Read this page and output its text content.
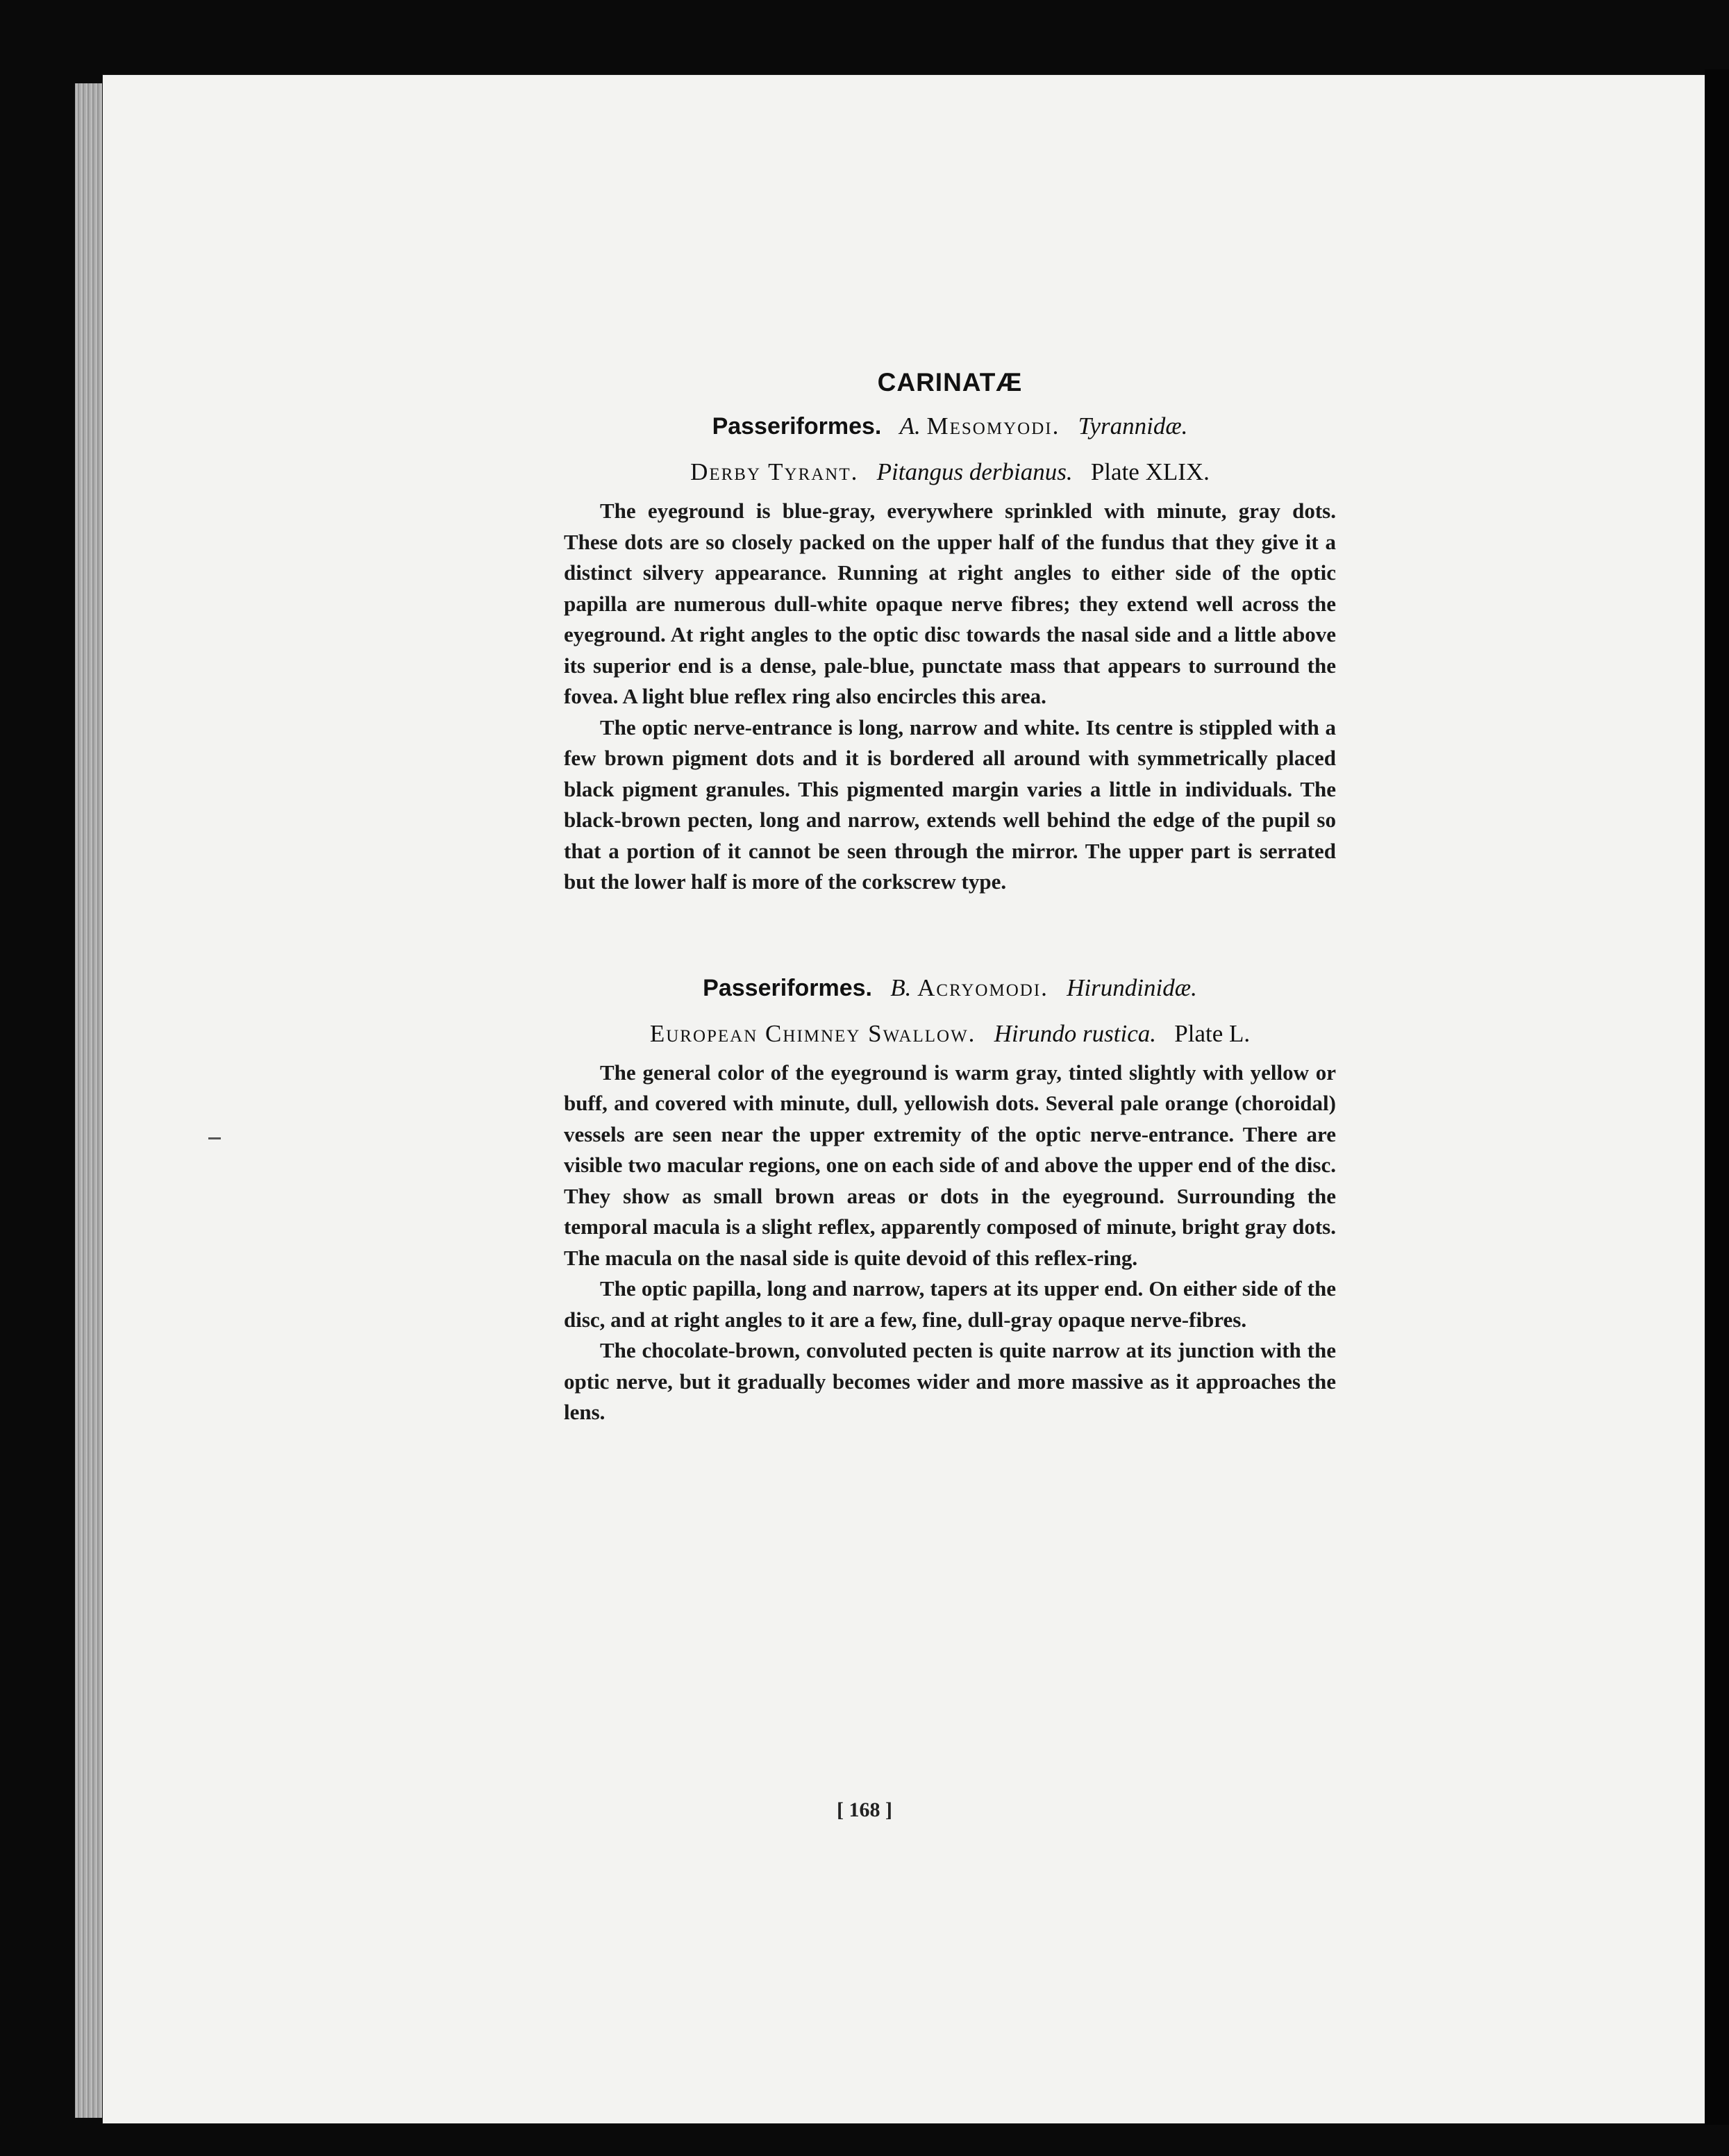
CARINATÆ
Passeriformes. A. Mesomyodi. Tyrannidæ.
Derby Tyrant. Pitangus derbianus. Plate XLIX.

The eyeground is blue-gray, everywhere sprinkled with minute, gray dots. These dots are so closely packed on the upper half of the fundus that they give it a distinct silvery appearance. Running at right angles to either side of the optic papilla are numerous dull-white opaque nerve fibres; they extend well across the eyeground. At right angles to the optic disc towards the nasal side and a little above its superior end is a dense, pale-blue, punctate mass that appears to surround the fovea. A light blue reflex ring also encircles this area.

The optic nerve-entrance is long, narrow and white. Its centre is stippled with a few brown pigment dots and it is bordered all around with symmetrically placed black pigment granules. This pigmented margin varies a little in individuals. The black-brown pecten, long and narrow, extends well behind the edge of the pupil so that a portion of it cannot be seen through the mirror. The upper part is serrated but the lower half is more of the corkscrew type.

Passeriformes. B. Acryomodi. Hirundinidæ.
European Chimney Swallow. Hirundo rustica. Plate L.

The general color of the eyeground is warm gray, tinted slightly with yellow or buff, and covered with minute, dull, yellowish dots. Several pale orange (choroidal) vessels are seen near the upper extremity of the optic nerve-entrance. There are visible two macular regions, one on each side of and above the upper end of the disc. They show as small brown areas or dots in the eyeground. Surrounding the temporal macula is a slight reflex, apparently composed of minute, bright gray dots. The macula on the nasal side is quite devoid of this reflex-ring.

The optic papilla, long and narrow, tapers at its upper end. On either side of the disc, and at right angles to it are a few, fine, dull-gray opaque nerve-fibres.

The chocolate-brown, convoluted pecten is quite narrow at its junction with the optic nerve, but it gradually becomes wider and more massive as it approaches the lens.

[ 168 ]
